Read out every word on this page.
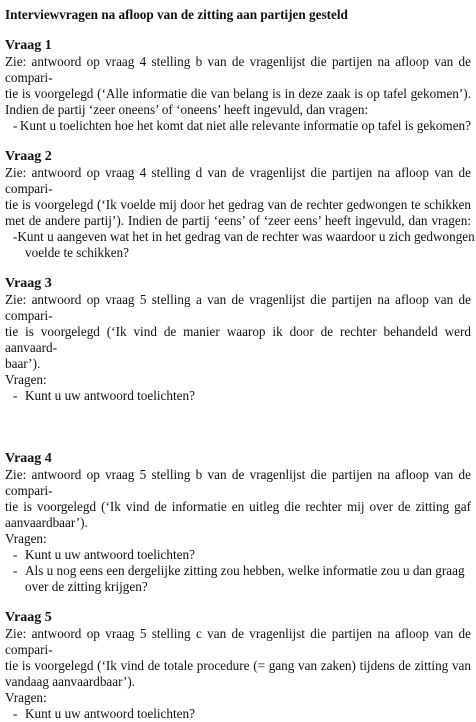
Interviewvragen na afloop van de zitting aan partijen gesteld
Vraag 1
Zie: antwoord op vraag 4 stelling b van de vragenlijst die partijen na afloop van de compari-
tie is voorgelegd (‘Alle informatie die van belang is in deze zaak is op tafel gekomen’).
Indien de partij ‘zeer oneens’ of ‘oneens’ heeft ingevuld, dan vragen:
- Kunt u toelichten hoe het komt dat niet alle relevante informatie op tafel is gekomen?
Vraag 2
Zie: antwoord op vraag 4 stelling d van de vragenlijst die partijen na afloop van de compari-
tie is voorgelegd (‘Ik voelde mij door het gedrag van de rechter gedwongen te schikken
met de andere partij’). Indien de partij ‘eens’ of ‘zeer eens’ heeft ingevuld, dan vragen:
- Kunt u aangeven wat het in het gedrag van de rechter was waardoor u zich gedwongen
voelde te schikken?
Vraag 3
Zie: antwoord op vraag 5 stelling a van de vragenlijst die partijen na afloop van de compari-
tie is voorgelegd (‘Ik vind de manier waarop ik door de rechter behandeld werd aanvaard-
baar’).
Vragen:
- Kunt u uw antwoord toelichten?
Vraag 4
Zie: antwoord op vraag 5 stelling b van de vragenlijst die partijen na afloop van de compari-
tie is voorgelegd (‘Ik vind de informatie en uitleg die rechter mij over de zitting gaf
aanvaardbaar’).
Vragen:
- Kunt u uw antwoord toelichten?
- Als u nog eens een dergelijke zitting zou hebben, welke informatie zou u dan graag
over de zitting krijgen?
Vraag 5
Zie: antwoord op vraag 5 stelling c van de vragenlijst die partijen na afloop van de compari-
tie is voorgelegd (‘Ik vind de totale procedure (= gang van zaken) tijdens de zitting van
vandaag aanvaardbaar’).
Vragen:
- Kunt u uw antwoord toelichten?
